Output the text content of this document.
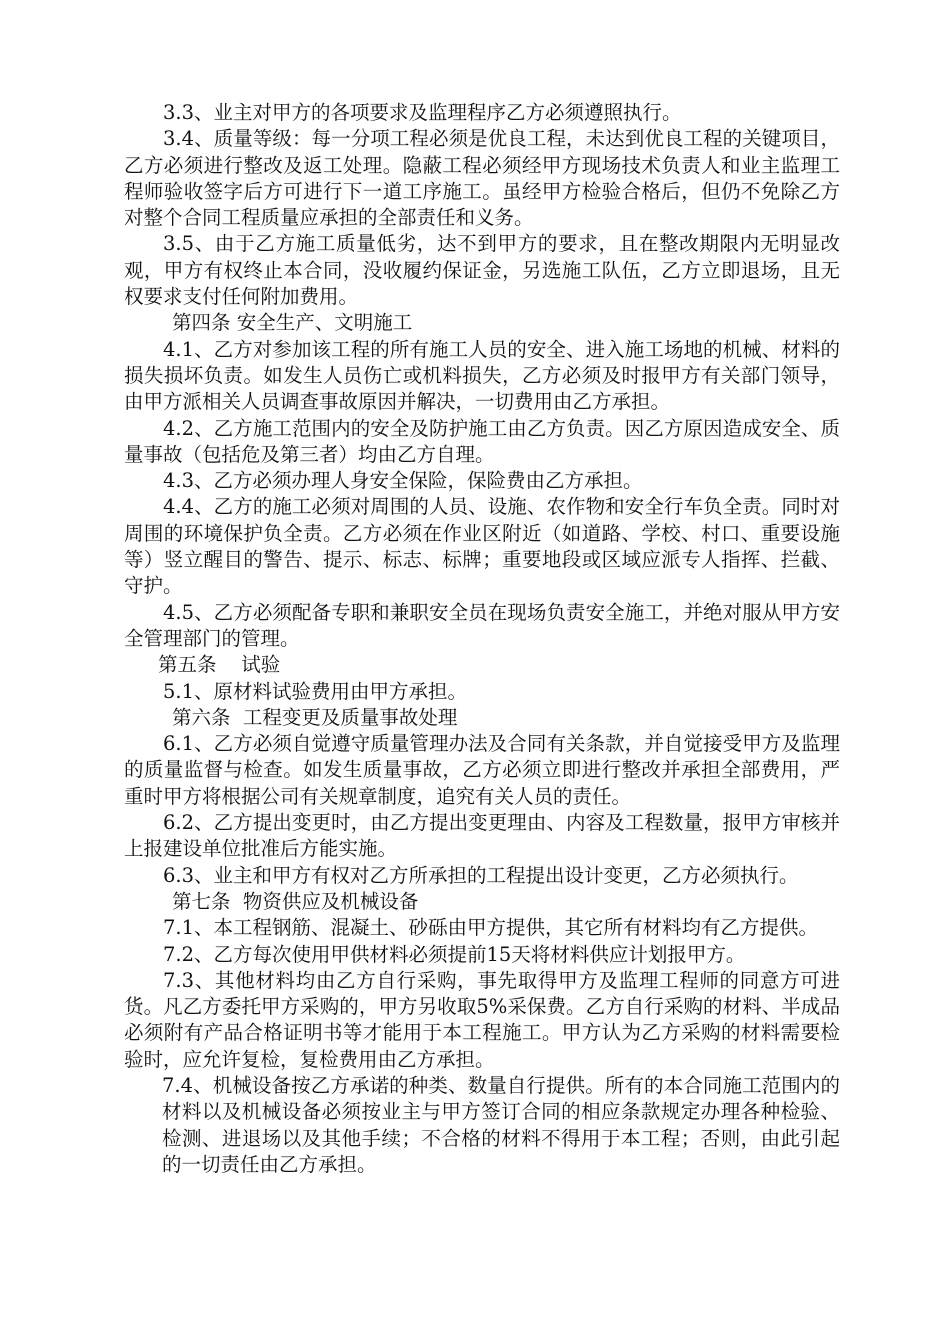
3.3、业主对甲方的各项要求及监理程序乙方必须遵照执行。

3.4、质量等级：每一分项工程必须是优良工程，未达到优良工程的关键项目，乙方必须进行整改及返工处理。隐蔽工程必须经甲方现场技术负责人和业主监理工程师验收签字后方可进行下一道工序施工。虽经甲方检验合格后，但仍不免除乙方对整个合同工程质量应承担的全部责任和义务。

3.5、由于乙方施工质量低劣，达不到甲方的要求，且在整改期限内无明显改观，甲方有权终止本合同，没收履约保证金，另选施工队伍，乙方立即退场，且无权要求支付任何附加费用。

第四条 安全生产、文明施工

4.1、乙方对参加该工程的所有施工人员的安全、进入施工场地的机械、材料的损失损坏负责。如发生人员伤亡或机料损失，乙方必须及时报甲方有关部门领导，由甲方派相关人员调查事故原因并解决，一切费用由乙方承担。

4.2、乙方施工范围内的安全及防护施工由乙方负责。因乙方原因造成安全、质量事故（包括危及第三者）均由乙方自理。

4.3、乙方必须办理人身安全保险，保险费由乙方承担。

4.4、乙方的施工必须对周围的人员、设施、农作物和安全行车负全责。同时对周围的环境保护负全责。乙方必须在作业区附近（如道路、学校、村口、重要设施等）竖立醒目的警告、提示、标志、标牌；重要地段或区域应派专人指挥、拦截、守护。

4.5、乙方必须配备专职和兼职安全员在现场负责安全施工，并绝对服从甲方安全管理部门的管理。

第五条    试验

5.1、原材料试验费用由甲方承担。

第六条  工程变更及质量事故处理

6.1、乙方必须自觉遵守质量管理办法及合同有关条款，并自觉接受甲方及监理的质量监督与检查。如发生质量事故，乙方必须立即进行整改并承担全部费用，严重时甲方将根据公司有关规章制度，追究有关人员的责任。

6.2、乙方提出变更时，由乙方提出变更理由、内容及工程数量，报甲方审核并上报建设单位批准后方能实施。

6.3、业主和甲方有权对乙方所承担的工程提出设计变更，乙方必须执行。

第七条  物资供应及机械设备

7.1、本工程钢筋、混凝土、砂砾由甲方提供，其它所有材料均有乙方提供。

7.2、乙方每次使用甲供材料必须提前15天将材料供应计划报甲方。

7.3、其他材料均由乙方自行采购，事先取得甲方及监理工程师的同意方可进货。凡乙方委托甲方采购的，甲方另收取5%采保费。乙方自行采购的材料、半成品必须附有产品合格证明书等才能用于本工程施工。甲方认为乙方采购的材料需要检验时，应允许复检，复检费用由乙方承担。

7.4、机械设备按乙方承诺的种类、数量自行提供。所有的本合同施工范围内的材料以及机械设备必须按业主与甲方签订合同的相应条款规定办理各种检验、检测、进退场以及其他手续；不合格的材料不得用于本工程；否则，由此引起的一切责任由乙方承担。
